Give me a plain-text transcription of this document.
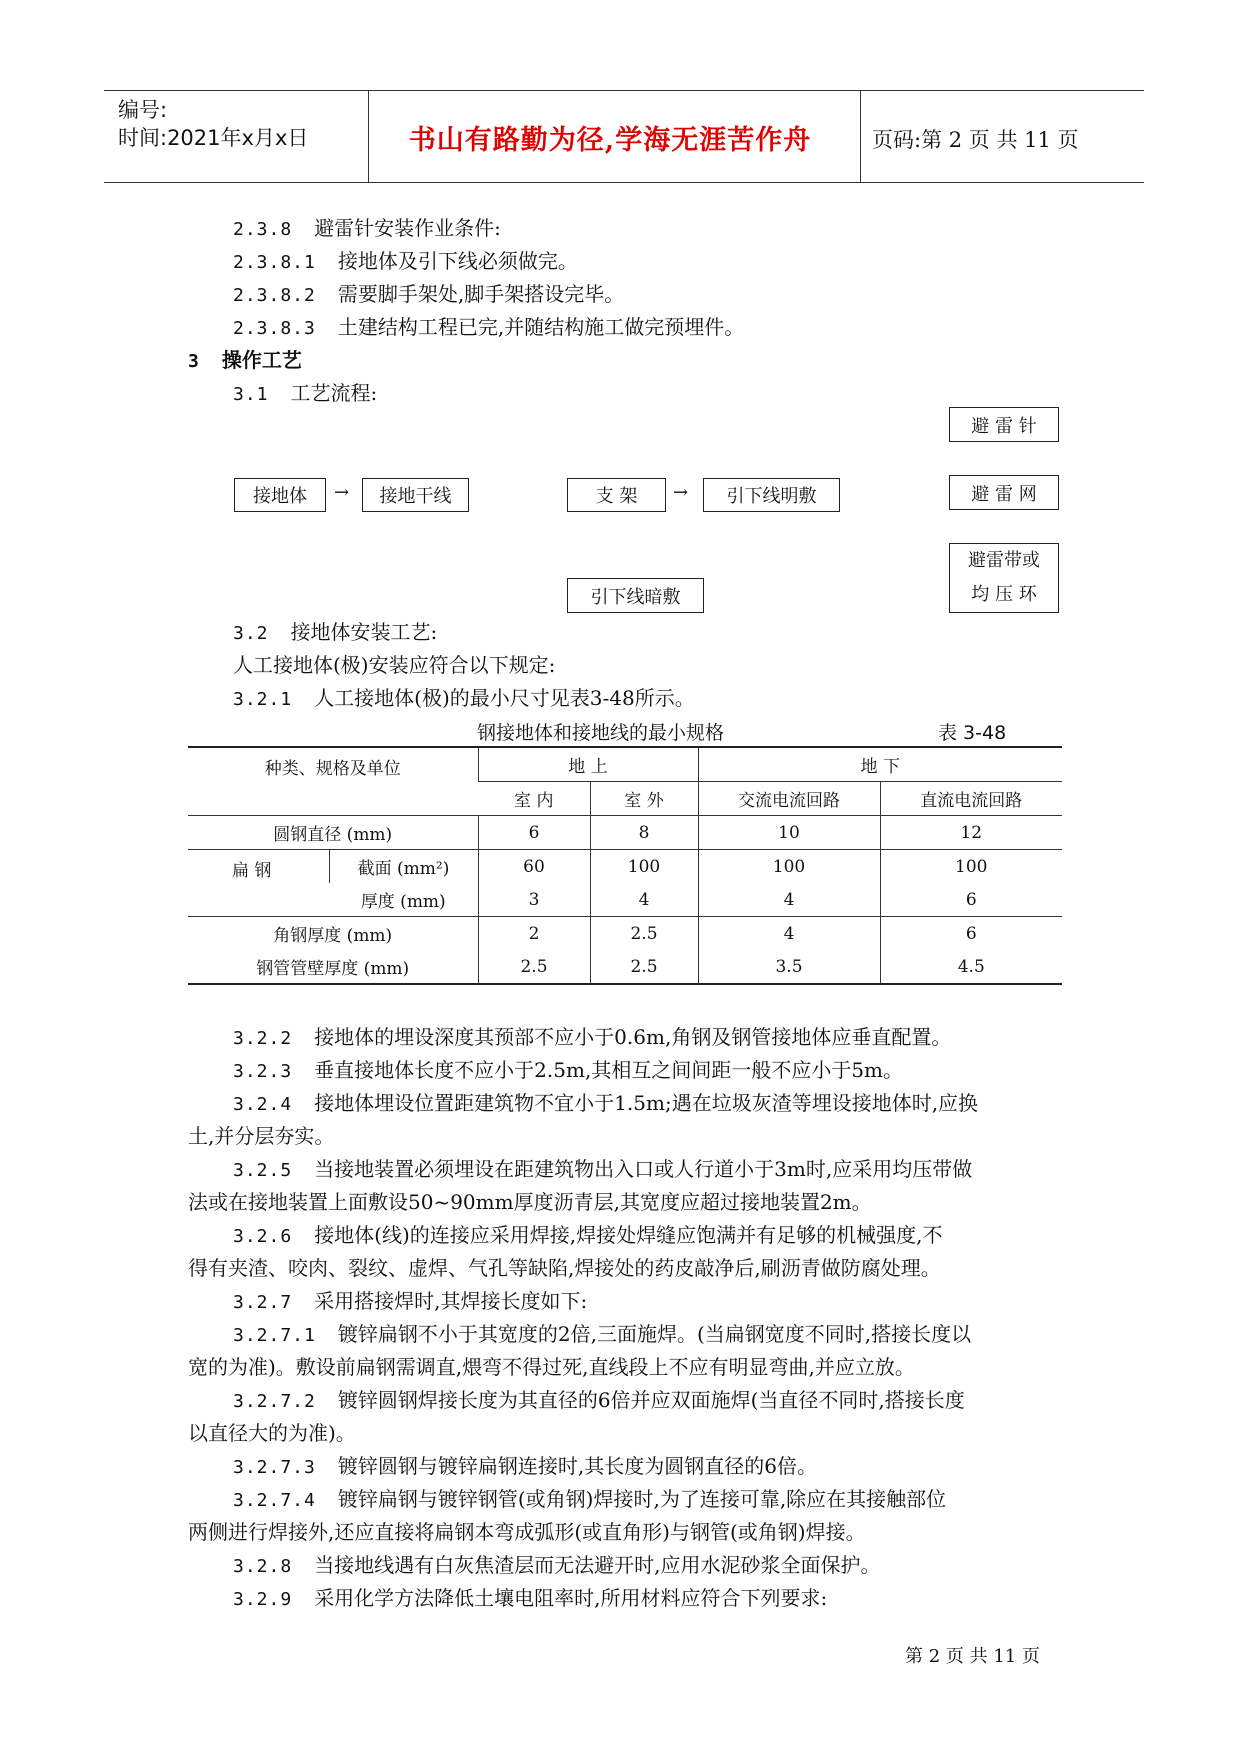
编号:
时间:2021年x月x日	书山有路勤为径,学海无涯苦作舟	页码:第 2 页 共 11 页
2.3.8 避雷针安装作业条件:
2.3.8.1 接地体及引下线必须做完。
2.3.8.2 需要脚手架处,脚手架搭设完毕。
2.3.8.3 土建结构工程已完,并随结构施工做完预埋件。
3 操作工艺
3.1 工艺流程:
接地体	→	接地干线	支 架	→	引下线明敷
引下线暗敷
避 雷 针
避 雷 网
避雷带或
均 压 环
3.2 接地体安装工艺:
人工接地体(极)安装应符合以下规定:
3.2.1 人工接地体(极)的最小尺寸见表3-48所示。
钢接地体和接地线的最小规格	表 3-48
种类、规格及单位		地 上		地 下	
		室 内	室 外	交流电流回路	直流电流回路
圆钢直径 (mm)		6	8	10	12
扁 钢	截面 (mm²)	60	100	100	100
	厚度 (mm)	3	4	4	6
角钢厚度 (mm)		2	2.5	4	6
钢管管壁厚度 (mm)		2.5	2.5	3.5	4.5
3.2.2 接地体的埋设深度其预部不应小于0.6m,角钢及钢管接地体应垂直配置。
3.2.3 垂直接地体长度不应小于2.5m,其相互之间间距一般不应小于5m。
3.2.4 接地体埋设位置距建筑物不宜小于1.5m;遇在垃圾灰渣等埋设接地体时,应换
土,并分层夯实。
3.2.5 当接地装置必须埋设在距建筑物出入口或人行道小于3m时,应采用均压带做
法或在接地装置上面敷设50~90mm厚度沥青层,其宽度应超过接地装置2m。
3.2.6 接地体(线)的连接应采用焊接,焊接处焊缝应饱满并有足够的机械强度,不
得有夹渣、咬肉、裂纹、虚焊、气孔等缺陷,焊接处的药皮敲净后,刷沥青做防腐处理。
3.2.7 采用搭接焊时,其焊接长度如下:
3.2.7.1 镀锌扁钢不小于其宽度的2倍,三面施焊。(当扁钢宽度不同时,搭接长度以
宽的为准)。敷设前扁钢需调直,煨弯不得过死,直线段上不应有明显弯曲,并应立放。
3.2.7.2 镀锌圆钢焊接长度为其直径的6倍并应双面施焊(当直径不同时,搭接长度
以直径大的为准)。
3.2.7.3 镀锌圆钢与镀锌扁钢连接时,其长度为圆钢直径的6倍。
3.2.7.4 镀锌扁钢与镀锌钢管(或角钢)焊接时,为了连接可靠,除应在其接触部位
两侧进行焊接外,还应直接将扁钢本弯成弧形(或直角形)与钢管(或角钢)焊接。
3.2.8 当接地线遇有白灰焦渣层而无法避开时,应用水泥砂浆全面保护。
3.2.9 采用化学方法降低土壤电阻率时,所用材料应符合下列要求:
第 2 页 共 11 页
